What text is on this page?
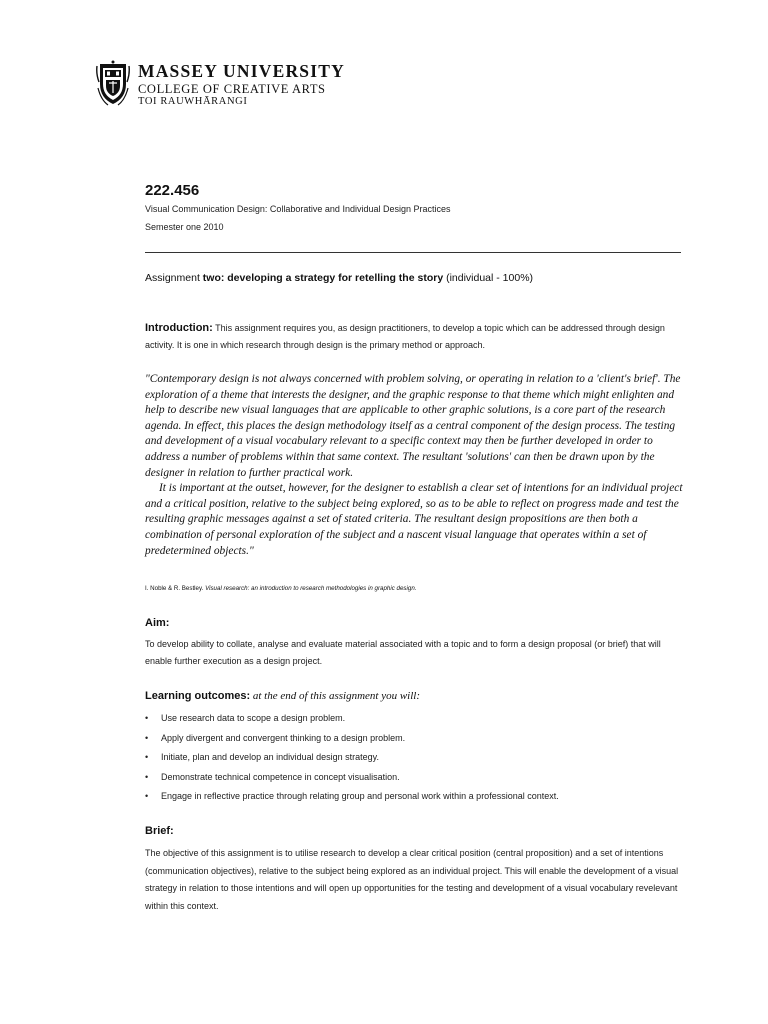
MASSEY UNIVERSITY
COLLEGE OF CREATIVE ARTS
TOI RAUWHĀRANGI
222.456
Visual Communication Design: Collaborative and Individual Design Practices
Semester one 2010
Assignment two: developing a strategy for retelling the story (individual - 100%)
Introduction: This assignment requires you, as design practitioners, to develop a topic which can be addressed through design activity. It is one in which research through design is the primary method or approach.

"Contemporary design is not always concerned with problem solving, or operating in relation to a 'client's brief'. The exploration of a theme that interests the designer, and the graphic response to that theme which might enlighten and help to describe new visual languages that are applicable to other graphic solutions, is a core part of the research agenda. In effect, this places the design methodology itself as a central component of the design process. The testing and development of a visual vocabulary relevant to a specific context may then be further developed in order to address a number of problems within that same context. The resultant 'solutions' can then be drawn upon by the designer in relation to further practical work.

It is important at the outset, however, for the designer to establish a clear set of intentions for an individual project and a critical position, relative to the subject being explored, so as to be able to reflect on progress made and test the resulting graphic messages against a set of stated criteria. The resultant design propositions are then both a combination of personal exploration of the subject and a nascent visual language that operates within a set of predetermined objects."

I. Noble & R. Bestley. Visual research: an introduction to research methodologies in graphic design.
Aim:
To develop ability to collate, analyse and evaluate material associated with a topic and to form a design proposal (or brief) that will enable further execution as a design project.
Learning outcomes: at the end of this assignment you will:
•	Use research data to scope a design problem.
•	Apply divergent and convergent thinking to a design problem.
•	Initiate, plan and develop an individual design strategy.
•	Demonstrate technical competence in concept visualisation.
•	Engage in reflective practice through relating group and personal work within a professional context.
Brief:
The objective of this assignment is to utilise research to develop a clear critical position (central proposition) and a set of intentions (communication objectives), relative to the subject being explored as an individual project. This will enable the development of a visual strategy in relation to those intentions and will open up opportunities for the testing and development of a visual vocabulary revelevant within this context.
